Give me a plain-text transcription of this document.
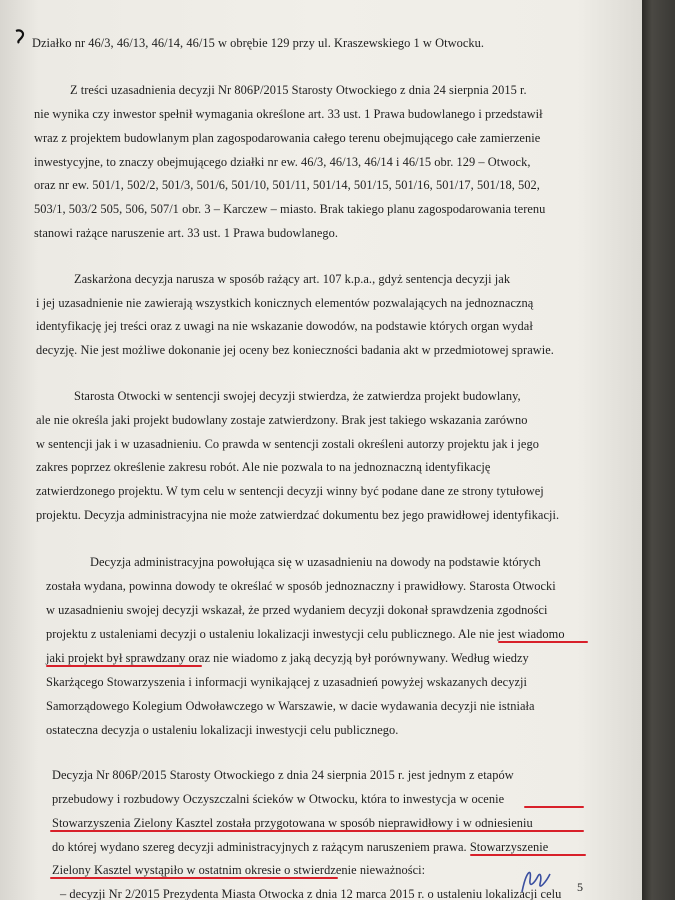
Działko nr 46/3, 46/13, 46/14, 46/15 w obrębie 129 przy ul. Kraszewskiego 1 w Otwocku.
Z treści uzasadnienia decyzji Nr 806P/2015 Starosty Otwockiego z dnia 24 sierpnia 2015 r.
nie wynika czy inwestor spełnił wymagania określone art. 33 ust. 1 Prawa budowlanego i przedstawił
wraz z projektem budowlanym plan zagospodarowania całego terenu obejmującego całe zamierzenie
inwestycyjne, to znaczy obejmującego działki nr ew. 46/3, 46/13, 46/14 i 46/15 obr. 129 – Otwock,
oraz nr ew. 501/1, 502/2, 501/3, 501/6, 501/10, 501/11, 501/14, 501/15, 501/16, 501/17, 501/18, 502,
503/1, 503/2 505, 506, 507/1 obr. 3 – Karczew – miasto. Brak takiego planu zagospodarowania terenu
stanowi rażące naruszenie art. 33 ust. 1 Prawa budowlanego.
Zaskarżona decyzja narusza w sposób rażący art. 107 k.p.a., gdyż sentencja decyzji jak
i jej uzasadnienie nie zawierają wszystkich konicznych elementów pozwalających na jednoznaczną
identyfikację jej treści oraz z uwagi na nie wskazanie dowodów, na podstawie których organ wydał
decyzję. Nie jest możliwe dokonanie jej oceny bez konieczności badania akt w przedmiotowej sprawie.
Starosta Otwocki w sentencji swojej decyzji stwierdza, że zatwierdza projekt budowlany,
ale nie określa jaki projekt budowlany zostaje zatwierdzony. Brak jest takiego wskazania zarówno
w sentencji jak i w uzasadnieniu. Co prawda w sentencji zostali określeni autorzy projektu jak i jego
zakres poprzez określenie zakresu robót. Ale nie pozwala to na jednoznaczną identyfikację
zatwierdzonego projektu. W tym celu w sentencji decyzji winny być podane dane ze strony tytułowej
projektu. Decyzja administracyjna nie może zatwierdzać dokumentu bez jego prawidłowej identyfikacji.
Decyzja administracyjna powołująca się w uzasadnieniu na dowody na podstawie których
została wydana, powinna dowody te określać w sposób jednoznaczny i prawidłowy. Starosta Otwocki
w uzasadnieniu swojej decyzji wskazał, że przed wydaniem decyzji dokonał sprawdzenia zgodności
projektu z ustaleniami decyzji o ustaleniu lokalizacji inwestycji celu publicznego. Ale nie jest wiadomo
jaki projekt był sprawdzany oraz nie wiadomo z jaką decyzją był porównywany. Według wiedzy
Skarżącego Stowarzyszenia i informacji wynikającej z uzasadnień powyżej wskazanych decyzji
Samorządowego Kolegium Odwoławczego w Warszawie, w dacie wydawania decyzji nie istniała
ostateczna decyzja o ustaleniu lokalizacji inwestycji celu publicznego.
Decyzja Nr 806P/2015 Starosty Otwockiego z dnia 24 sierpnia 2015 r. jest jednym z etapów
przebudowy i rozbudowy Oczyszczalni ścieków w Otwocku, która to inwestycja w ocenie
Stowarzyszenia Zielony Kasztel została przygotowana w sposób nieprawidłowy i w odniesieniu
do której wydano szereg decyzji administracyjnych z rażącym naruszeniem prawa. Stowarzyszenie
Zielony Kasztel wystąpiło w ostatnim okresie o stwierdzenie nieważności:
– decyzji Nr 2/2015 Prezydenta Miasta Otwocka z dnia 12 marca 2015 r. o ustaleniu lokalizacji celu 5
